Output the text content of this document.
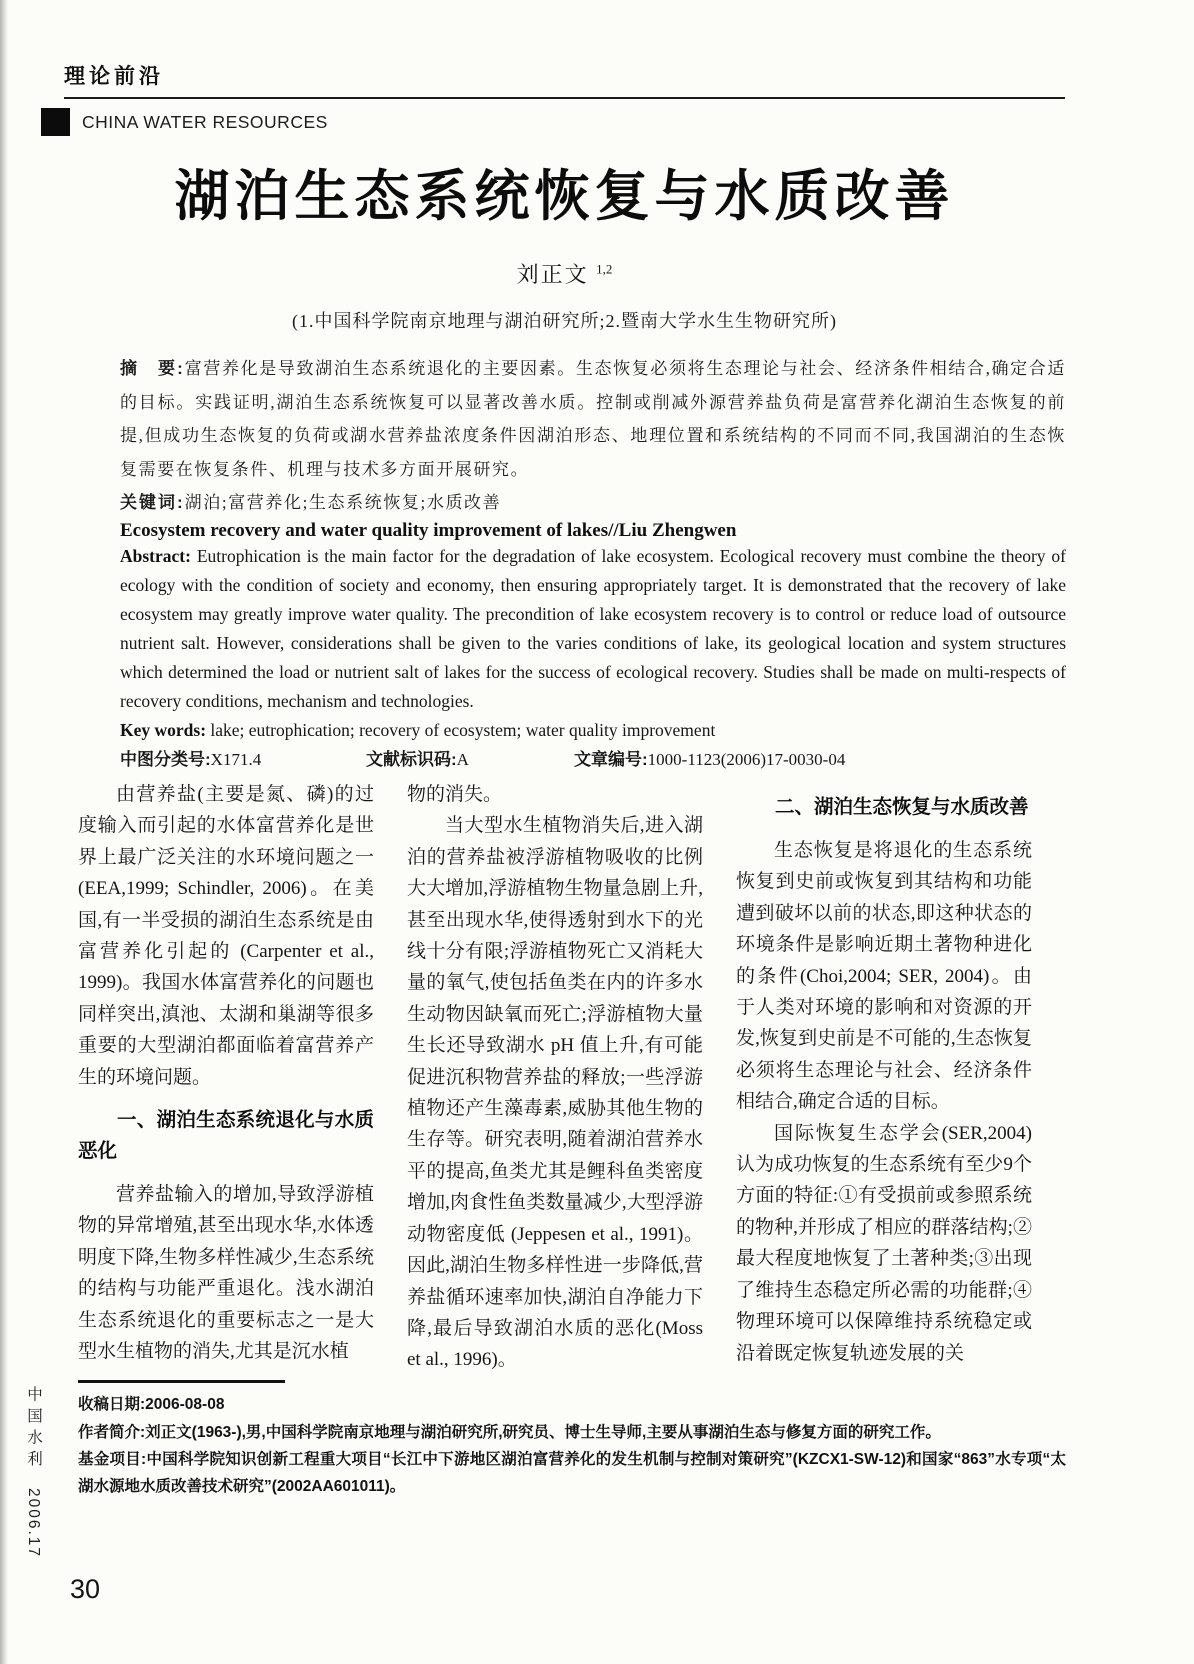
理论前沿
CHINA WATER RESOURCES
湖泊生态系统恢复与水质改善
刘正文 $^{1,2}$
(1.中国科学院南京地理与湖泊研究所;2.暨南大学水生生物研究所)

摘　要:富营养化是导致湖泊生态系统退化的主要因素。生态恢复必须将生态理论与社会、经济条件相结合,确定合适的目标。实践证明,湖泊生态系统恢复可以显著改善水质。控制或削减外源营养盐负荷是富营养化湖泊生态恢复的前提,但成功生态恢复的负荷或湖水营养盐浓度条件因湖泊形态、地理位置和系统结构的不同而不同,我国湖泊的生态恢复需要在恢复条件、机理与技术多方面开展研究。

关键词:湖泊;富营养化;生态系统恢复;水质改善

Ecosystem recovery and water quality improvement of lakes//Liu Zhengwen

Abstract: Eutrophication is the main factor for the degradation of lake ecosystem. Ecological recovery must combine the theory of ecology with the condition of society and economy, then ensuring appropriately target. It is demonstrated that the recovery of lake ecosystem may greatly improve water quality. The precondition of lake ecosystem recovery is to control or reduce load of outsource nutrient salt. However, considerations shall be given to the varies conditions of lake, its geological location and system structures which determined the load or nutrient salt of lakes for the success of ecological recovery. Studies shall be made on multi-respects of recovery conditions, mechanism and technologies.

Key words: lake; eutrophication; recovery of ecosystem; water quality improvement

中图分类号:X171.4	文献标识码:A	文章编号:1000-1123(2006)17-0030-04

由营养盐(主要是氮、磷)的过度输入而引起的水体富营养化是世界上最广泛关注的水环境问题之一(EEA,1999; Schindler, 2006)。在美国,有一半受损的湖泊生态系统是由富营养化引起的 (Carpenter et al., 1999)。我国水体富营养化的问题也同样突出,滇池、太湖和巢湖等很多重要的大型湖泊都面临着富营养产生的环境问题。

一、湖泊生态系统退化与水质恶化

营养盐输入的增加,导致浮游植物的异常增殖,甚至出现水华,水体透明度下降,生物多样性减少,生态系统的结构与功能严重退化。浅水湖泊生态系统退化的重要标志之一是大型水生植物的消失,尤其是沉水植

物的消失。

当大型水生植物消失后,进入湖泊的营养盐被浮游植物吸收的比例大大增加,浮游植物生物量急剧上升,甚至出现水华,使得透射到水下的光线十分有限;浮游植物死亡又消耗大量的氧气,使包括鱼类在内的许多水生动物因缺氧而死亡;浮游植物大量生长还导致湖水 pH 值上升,有可能促进沉积物营养盐的释放;一些浮游植物还产生藻毒素,威胁其他生物的生存等。研究表明,随着湖泊营养水平的提高,鱼类尤其是鲤科鱼类密度增加,肉食性鱼类数量减少,大型浮游动物密度低 (Jeppesen et al., 1991)。因此,湖泊生物多样性进一步降低,营养盐循环速率加快,湖泊自净能力下降,最后导致湖泊水质的恶化(Moss et al., 1996)。

二、湖泊生态恢复与水质改善

生态恢复是将退化的生态系统恢复到史前或恢复到其结构和功能遭到破坏以前的状态,即这种状态的环境条件是影响近期土著物种进化的条件(Choi,2004; SER, 2004)。由于人类对环境的影响和对资源的开发,恢复到史前是不可能的,生态恢复必须将生态理论与社会、经济条件相结合,确定合适的目标。

国际恢复生态学会(SER,2004)认为成功恢复的生态系统有至少9个方面的特征:①有受损前或参照系统的物种,并形成了相应的群落结构;②最大程度地恢复了土著种类;③出现了维持生态稳定所必需的功能群;④物理环境可以保障维持系统稳定或沿着既定恢复轨迹发展的关

收稿日期:2006-08-08

作者简介:刘正文(1963-),男,中国科学院南京地理与湖泊研究所,研究员、博士生导师,主要从事湖泊生态与修复方面的研究工作。

基金项目:中国科学院知识创新工程重大项目“长江中下游地区湖泊富营养化的发生机制与控制对策研究”(KZCX1-SW-12)和国家“863”水专项“太湖水源地水质改善技术研究”(2002AA601011)。

中国水利2006.17
30
